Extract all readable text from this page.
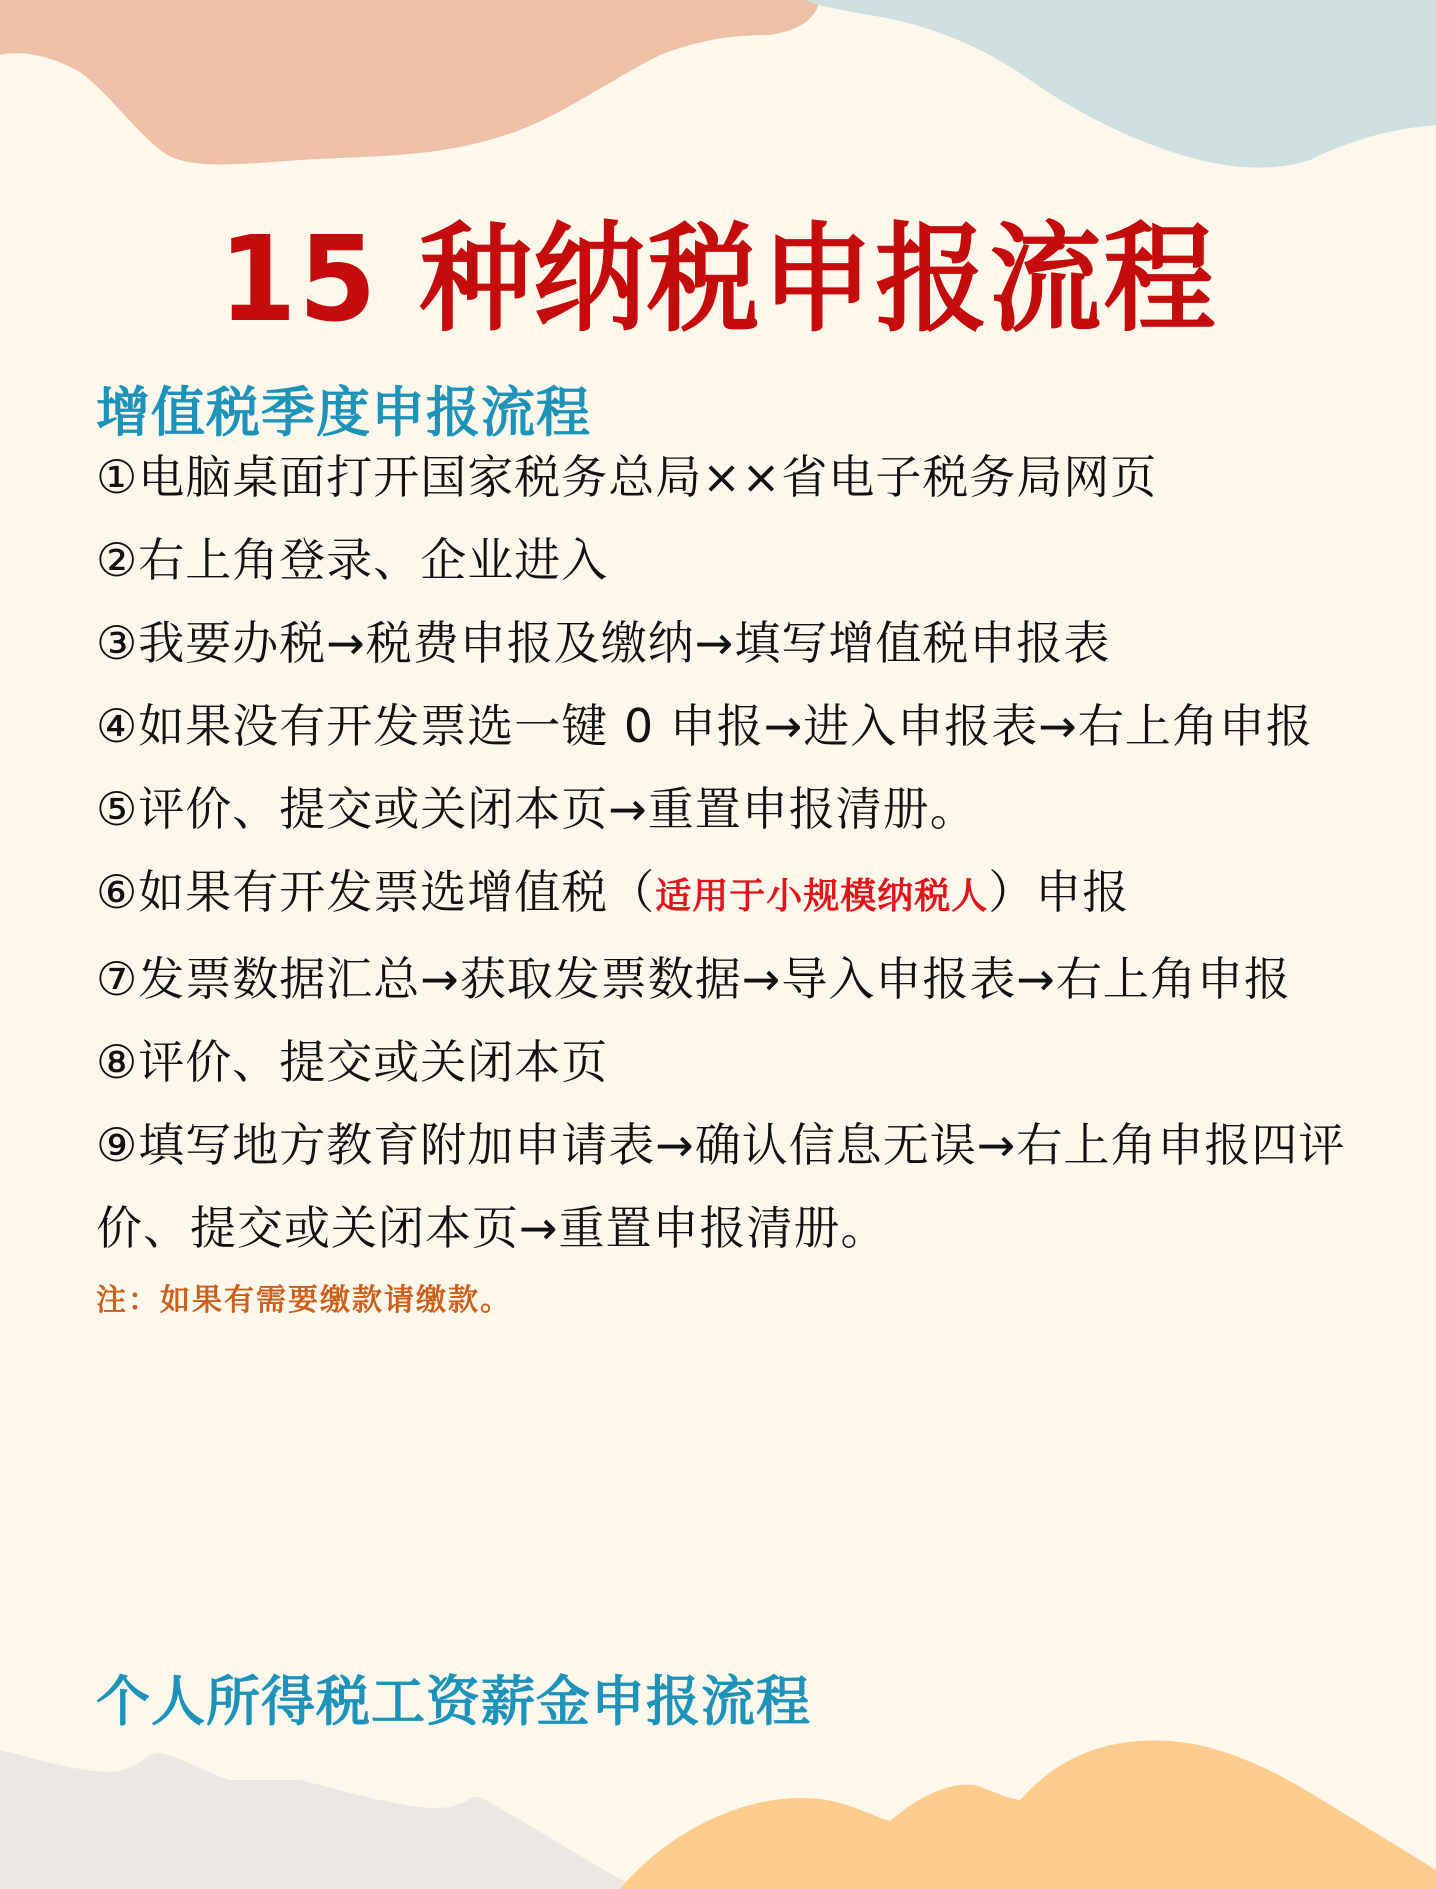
15 种纳税申报流程
增值税季度申报流程
①电脑桌面打开国家税务总局××省电子税务局网页
②右上角登录、企业进入
③我要办税→税费申报及缴纳→填写增值税申报表
④如果没有开发票选一键 0 申报→进入申报表→右上角申报
⑤评价、提交或关闭本页→重置申报清册。
⑥如果有开发票选增值税（适用于小规模纳税人）申报
⑦发票数据汇总→获取发票数据→导入申报表→右上角申报
⑧评价、提交或关闭本页
⑨填写地方教育附加申请表→确认信息无误→右上角申报四评价、提交或关闭本页→重置申报清册。
注：如果有需要缴款请缴款。
个人所得税工资薪金申报流程
